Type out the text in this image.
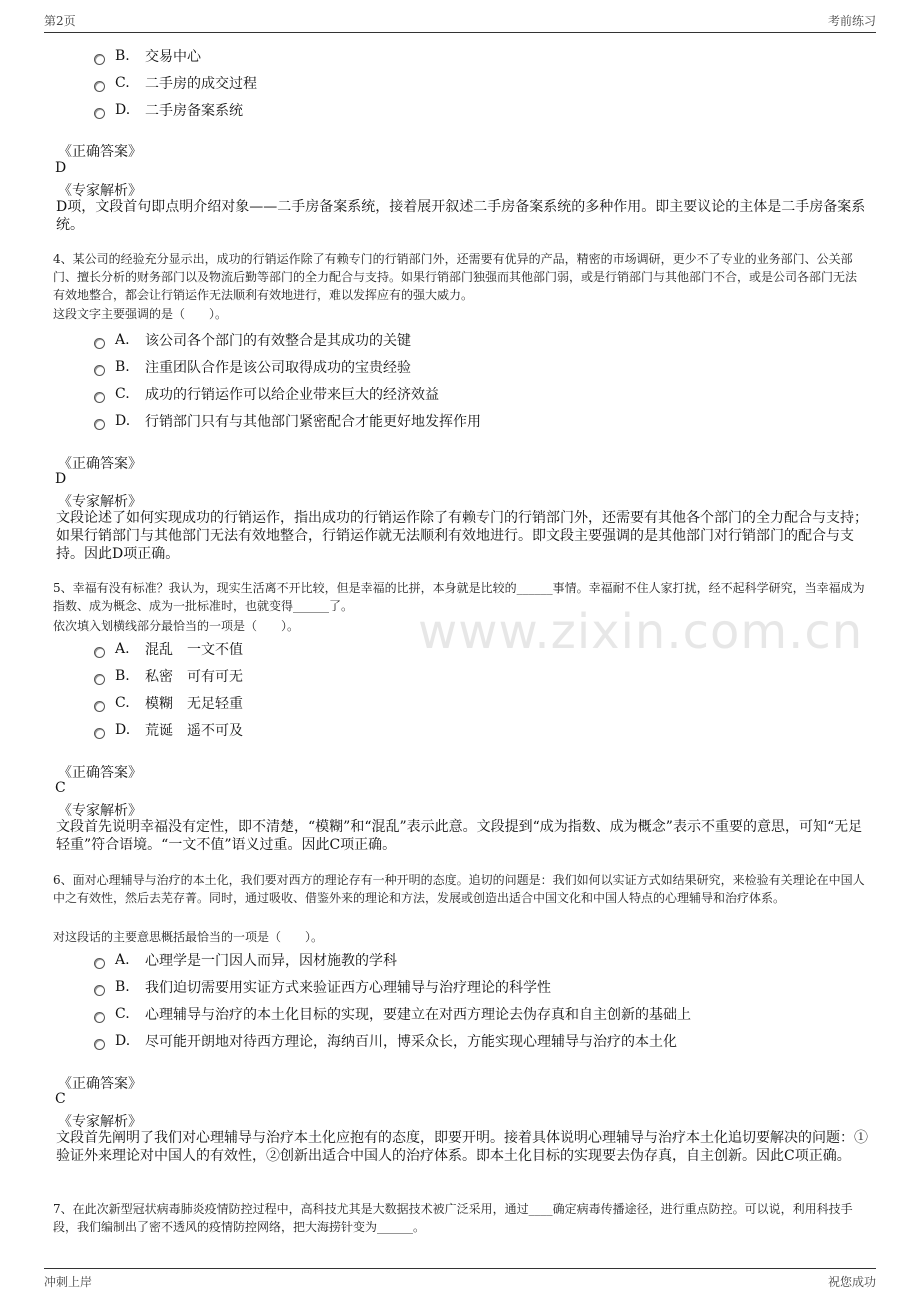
第2页	考前练习
www.zixin.com.cn
B.	交易中心
C.	二手房的成交过程
D.	二手房备案系统
《正确答案》
D
《专家解析》
D项，文段首句即点明介绍对象——二手房备案系统，接着展开叙述二手房备案系统的多种作用。即主要议论的主体是二手房备案系统。
4、某公司的经验充分显示出，成功的行销运作除了有赖专门的行销部门外，还需要有优异的产品，精密的市场调研，更少不了专业的业务部门、公关部门、擅长分析的财务部门以及物流后勤等部门的全力配合与支持。如果行销部门独强而其他部门弱，或是行销部门与其他部门不合，或是公司各部门无法有效地整合，都会让行销运作无法顺利有效地进行，难以发挥应有的强大威力。
这段文字主要强调的是（　　）。
A.	该公司各个部门的有效整合是其成功的关键
B.	注重团队合作是该公司取得成功的宝贵经验
C.	成功的行销运作可以给企业带来巨大的经济效益
D.	行销部门只有与其他部门紧密配合才能更好地发挥作用
《正确答案》
D
《专家解析》
文段论述了如何实现成功的行销运作，指出成功的行销运作除了有赖专门的行销部门外，还需要有其他各个部门的全力配合与支持；如果行销部门与其他部门无法有效地整合，行销运作就无法顺利有效地进行。即文段主要强调的是其他部门对行销部门的配合与支持。因此D项正确。
5、幸福有没有标准？我认为，现实生活离不开比较，但是幸福的比拼，本身就是比较的______事情。幸福耐不住人家打扰，经不起科学研究，当幸福成为指数、成为概念、成为一批标准时，也就变得______了。
依次填入划横线部分最恰当的一项是（　　）。
A.	混乱　一文不值
B.	私密　可有可无
C.	模糊　无足轻重
D.	荒诞　遥不可及
《正确答案》
C
《专家解析》
文段首先说明幸福没有定性，即不清楚，“模糊”和“混乱”表示此意。文段提到“成为指数、成为概念”表示不重要的意思，可知“无足轻重”符合语境。“一文不值”语义过重。因此C项正确。
6、面对心理辅导与治疗的本土化，我们要对西方的理论存有一种开明的态度。追切的问题是：我们如何以实证方式如结果研究，来检验有关理论在中国人中之有效性，然后去芜存菁。同时，通过吸收、借鉴外来的理论和方法，发展或创造出适合中国文化和中国人特点的心理辅导和治疗体系。
对这段话的主要意思概括最恰当的一项是（　　）。
A.	心理学是一门因人而异，因材施教的学科
B.	我们迫切需要用实证方式来验证西方心理辅导与治疗理论的科学性
C.	心理辅导与治疗的本土化目标的实现，要建立在对西方理论去伪存真和自主创新的基础上
D.	尽可能开朗地对待西方理论，海纳百川，博采众长，方能实现心理辅导与治疗的本土化
《正确答案》
C
《专家解析》
文段首先阐明了我们对心理辅导与治疗本土化应抱有的态度，即要开明。接着具体说明心理辅导与治疗本土化追切要解决的问题：①验证外来理论对中国人的有效性，②创新出适合中国人的治疗体系。即本土化目标的实现要去伪存真，自主创新。因此C项正确。
7、在此次新型冠状病毒肺炎疫情防控过程中，高科技尤其是大数据技术被广泛采用，通过____确定病毒传播途径，进行重点防控。可以说，利用科技手段，我们编制出了密不透风的疫情防控网络，把大海捞针变为______。
冲刺上岸	祝您成功
